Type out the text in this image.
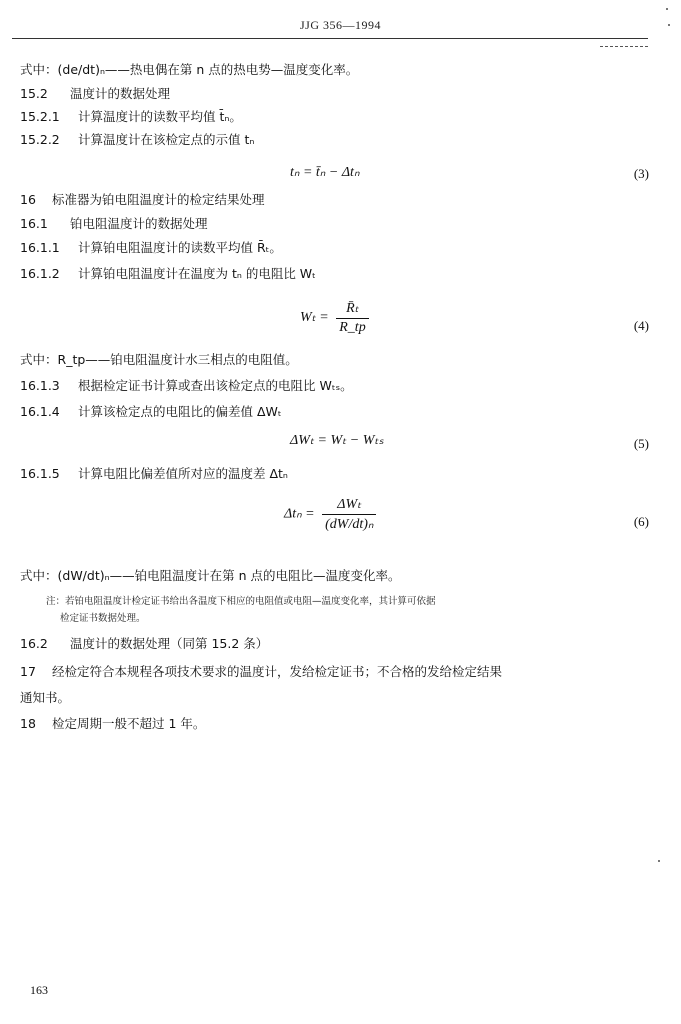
JJG 356—1994
式中：(de/dt)ₙ——热电偶在第 n 点的热电势—温度变化率。
15.2 温度计的数据处理
15.2.1 计算温度计的读数平均值 t̄ₙ。
15.2.2 计算温度计在该检定点的示值 tₙ
tₙ = t̄ₙ − Δtₙ	(3)
16 标准器为铂电阻温度计的检定结果处理
16.1 铂电阻温度计的数据处理
16.1.1 计算铂电阻温度计的读数平均值 R̄ₜ。
16.1.2 计算铂电阻温度计在温度为 tₙ 的电阻比 Wₜ
$W_t = \frac{\text{R̄ₜ}}{R\_tp}$	(4)
式中：R_tp——铂电阻温度计水三相点的电阻值。
16.1.3 根据检定证书计算或查出该检定点的电阻比 Wₜₛ。
16.1.4 计算该检定点的电阻比的偏差值 ΔWₜ
ΔWₜ = Wₜ − Wₜₛ	(5)
16.1.5 计算电阻比偏差值所对应的温度差 Δtₙ
$\Delta t_n = \frac{\text{ΔWₜ}}{\text{(dW/dt)ₙ}}$	(6)
式中：(dW/dt)ₙ——铂电阻温度计在第 n 点的电阻比—温度变化率。
注：若铂电阻温度计检定证书给出各温度下相应的电阻值或电阻—温度变化率，其计算可依据
检定证书数据处理。
16.2 温度计的数据处理（同第 15.2 条）
17 经检定符合本规程各项技术要求的温度计，发给检定证书；不合格的发给检定结果
通知书。
18 检定周期一般不超过 1 年。
163
